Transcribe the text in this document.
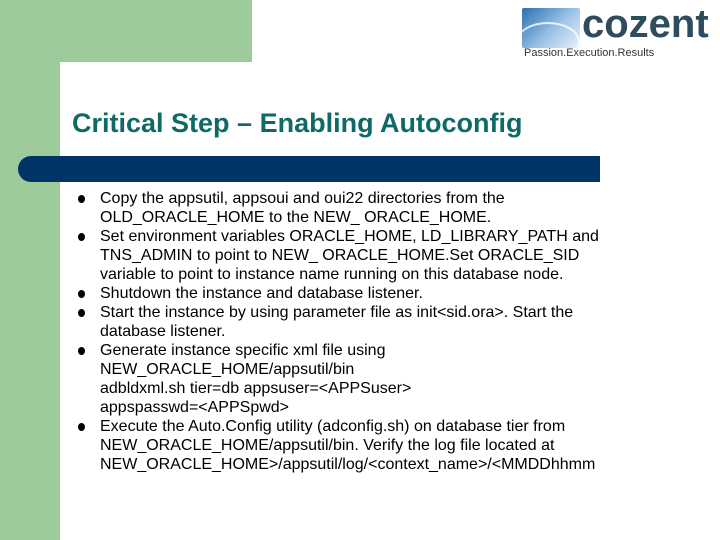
cozent
Passion.Execution.Results
Critical Step – Enabling Autoconfig
Copy the appsutil, appsoui and oui22 directories from the
OLD_ORACLE_HOME to the NEW_ ORACLE_HOME.
Set environment variables ORACLE_HOME, LD_LIBRARY_PATH and
TNS_ADMIN to point to NEW_ ORACLE_HOME.Set ORACLE_SID
variable to point to instance name running on this database node.
Shutdown the instance and database listener.
Start the instance by using parameter file as init<sid.ora>. Start the
database listener.
Generate instance specific xml file using
NEW_ORACLE_HOME/appsutil/bin
adbldxml.sh tier=db appsuser=<APPSuser>
appspasswd=<APPSpwd>
Execute the Auto.Config utility (adconfig.sh) on database tier from
NEW_ORACLE_HOME/appsutil/bin. Verify the log file located at
NEW_ORACLE_HOME>/appsutil/log/<context_name>/<MMDDhhmm
